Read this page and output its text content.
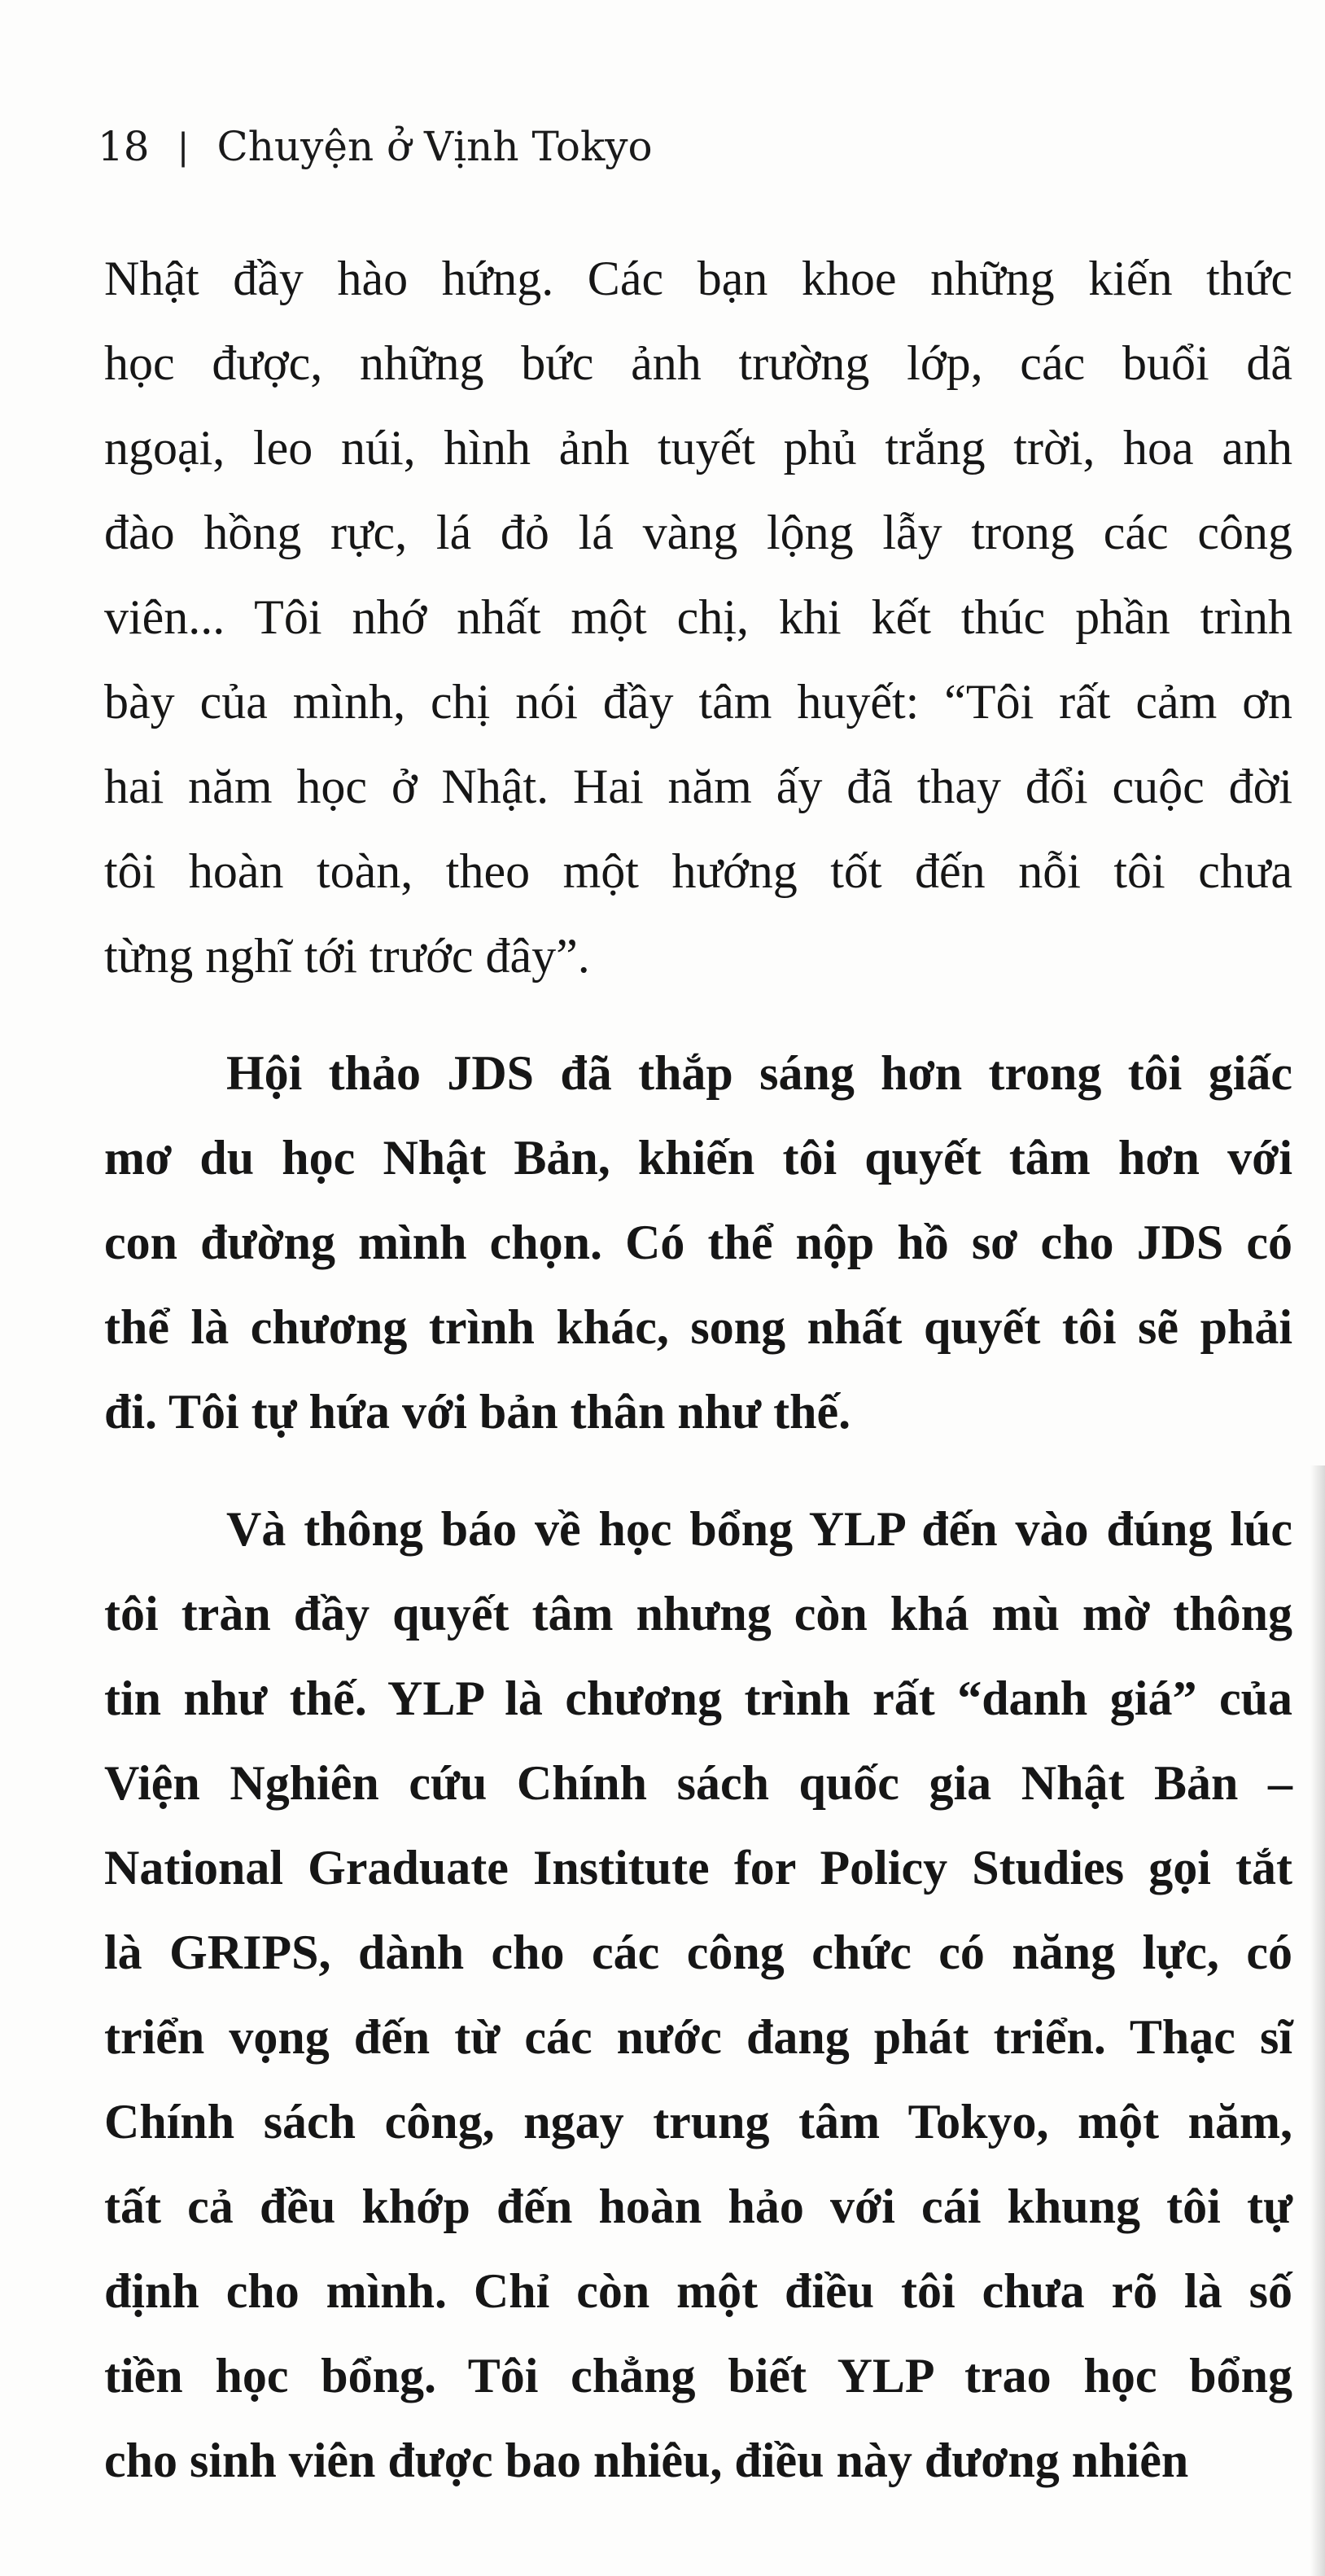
18 | Chuyện ở Vịnh Tokyo
Nhật đầy hào hứng. Các bạn khoe những kiến thức
học được, những bức ảnh trường lớp, các buổi dã
ngoại, leo núi, hình ảnh tuyết phủ trắng trời, hoa anh
đào hồng rực, lá đỏ lá vàng lộng lẫy trong các công
viên... Tôi nhớ nhất một chị, khi kết thúc phần trình
bày của mình, chị nói đầy tâm huyết: “Tôi rất cảm ơn
hai năm học ở Nhật. Hai năm ấy đã thay đổi cuộc đời
tôi hoàn toàn, theo một hướng tốt đến nỗi tôi chưa
từng nghĩ tới trước đây”.
Hội thảo JDS đã thắp sáng hơn trong tôi giấc
mơ du học Nhật Bản, khiến tôi quyết tâm hơn với
con đường mình chọn. Có thể nộp hồ sơ cho JDS có
thể là chương trình khác, song nhất quyết tôi sẽ phải
đi. Tôi tự hứa với bản thân như thế.
Và thông báo về học bổng YLP đến vào đúng lúc
tôi tràn đầy quyết tâm nhưng còn khá mù mờ thông
tin như thế. YLP là chương trình rất “danh giá” của
Viện Nghiên cứu Chính sách quốc gia Nhật Bản –
National Graduate Institute for Policy Studies gọi tắt
là GRIPS, dành cho các công chức có năng lực, có
triển vọng đến từ các nước đang phát triển. Thạc sĩ
Chính sách công, ngay trung tâm Tokyo, một năm,
tất cả đều khớp đến hoàn hảo với cái khung tôi tự
định cho mình. Chỉ còn một điều tôi chưa rõ là số
tiền học bổng. Tôi chẳng biết YLP trao học bổng
cho sinh viên được bao nhiêu, điều này đương nhiên
